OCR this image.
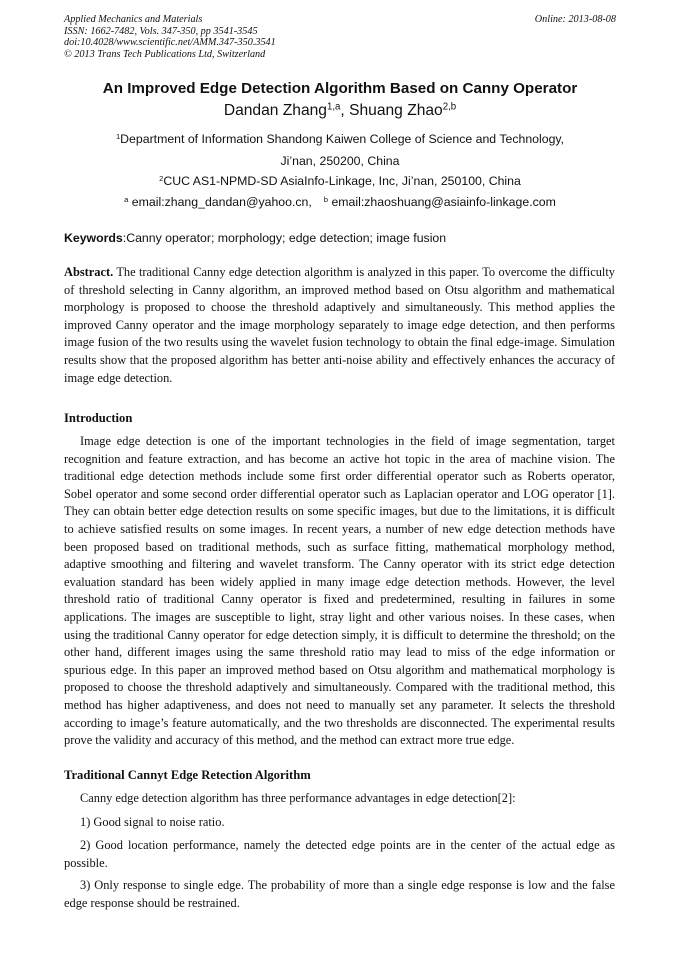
Applied Mechanics and Materials
ISSN: 1662-7482, Vols. 347-350, pp 3541-3545
doi:10.4028/www.scientific.net/AMM.347-350.3541
© 2013 Trans Tech Publications Ltd, Switzerland
Online: 2013-08-08
An Improved Edge Detection Algorithm Based on Canny Operator
Dandan Zhang$^{1,a}$, Shuang Zhao$^{2,b}$
$^1$Department of Information Shandong Kaiwen College of Science and Technology,
Ji’nan, 250200, China
$^2$CUC AS1-NPMD-SD AsiaInfo-Linkage, Inc, Ji’nan, 250100, China
$^a$ email:zhang_dandan@yahoo.cn, $^b$ email:zhaoshuang@asiainfo-linkage.com
Keywords:Canny operator; morphology; edge detection; image fusion

Abstract. The traditional Canny edge detection algorithm is analyzed in this paper. To overcome the difficulty of threshold selecting in Canny algorithm, an improved method based on Otsu algorithm and mathematical morphology is proposed to choose the threshold adaptively and simultaneously. This method applies the improved Canny operator and the image morphology separately to image edge detection, and then performs image fusion of the two results using the wavelet fusion technology to obtain the final edge-image. Simulation results show that the proposed algorithm has better anti-noise ability and effectively enhances the accuracy of image edge detection.

Introduction

Image edge detection is one of the important technologies in the field of image segmentation, target recognition and feature extraction, and has become an active hot topic in the area of machine vision. The traditional edge detection methods include some first order differential operator such as Roberts operator, Sobel operator and some second order differential operator such as Laplacian operator and LOG operator [1]. They can obtain better edge detection results on some specific images, but due to the limitations, it is difficult to achieve satisfied results on some images. In recent years, a number of new edge detection methods have been proposed based on traditional methods, such as surface fitting, mathematical morphology method, adaptive smoothing and filtering and wavelet transform. The Canny operator with its strict edge detection evaluation standard has been widely applied in many image edge detection methods. However, the level threshold ratio of traditional Canny operator is fixed and predetermined, resulting in failures in some applications. The images are susceptible to light, stray light and other various noises. In these cases, when using the traditional Canny operator for edge detection simply, it is difficult to determine the threshold; on the other hand, different images using the same threshold ratio may lead to miss of the edge information or spurious edge. In this paper an improved method based on Otsu algorithm and mathematical morphology is proposed to choose the threshold adaptively and simultaneously. Compared with the traditional method, this method has higher adaptiveness, and does not need to manually set any parameter. It selects the threshold according to image’s feature automatically, and the two thresholds are disconnected. The experimental results prove the validity and accuracy of this method, and the method can extract more true edge.

Traditional Cannyt Edge Retection Algorithm

Canny edge detection algorithm has three performance advantages in edge detection[2]:

1) Good signal to noise ratio.

2) Good location performance, namely the detected edge points are in the center of the actual edge as possible.

3) Only response to single edge. The probability of more than a single edge response is low and the false edge response should be restrained.
